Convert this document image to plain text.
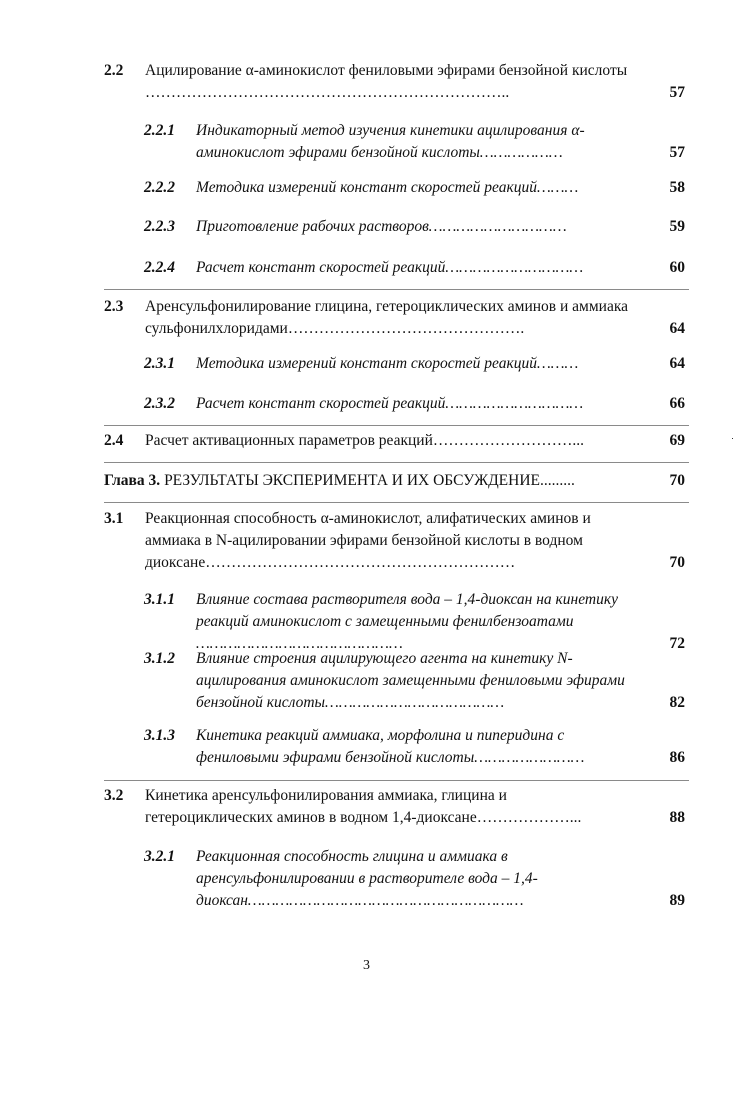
2.2 Ацилирование α-аминокислот фениловыми эфирами бензойной кислоты ……………………………………………………………..	57
2.2.1 Индикаторный метод изучения кинетики ацилирования α-аминокислот эфирами бензойной кислоты………………	57
2.2.2 Методика измерений констант скоростей реакций………	58
2.2.3 Приготовление рабочих растворов…………………………	59
2.2.4 Расчет констант скоростей реакций…………………………	60
2.3 Аренсульфонилирование глицина, гетероциклических аминов и аммиака сульфонилхлоридами……………………………………….	64
2.3.1 Методика измерений констант скоростей реакций………	64
2.3.2 Расчет констант скоростей реакций…………………………	66
2.4 Расчет активационных параметров реакций………………………...	69
Глава 3. РЕЗУЛЬТАТЫ ЭКСПЕРИМЕНТА И ИХ ОБСУЖДЕНИЕ.........	70
3.1 Реакционная способность α-аминокислот, алифатических аминов и аммиака в N-ацилировании эфирами бензойной кислоты в водном диоксане……………………………………………………	70
3.1.1 Влияние состава растворителя вода – 1,4-диоксан на кинетику реакций аминокислот с замещенными фенилбензоатами ………………………………………	72
3.1.2 Влияние строения ацилирующего агента на кинетику N-ацилирования аминокислот замещенными фениловыми эфирами бензойной кислоты…………………………………	82
3.1.3 Кинетика реакций аммиака, морфолина и пиперидина с фениловыми эфирами бензойной кислоты……………………	86
3.2 Кинетика аренсульфонилирования аммиака, глицина и гетероциклических аминов в водном 1,4-диоксане………………...	88
3.2.1 Реакционная способность глицина и аммиака в аренсульфонилировании в растворителе вода – 1,4-диоксан……………………………………………………	89
3
